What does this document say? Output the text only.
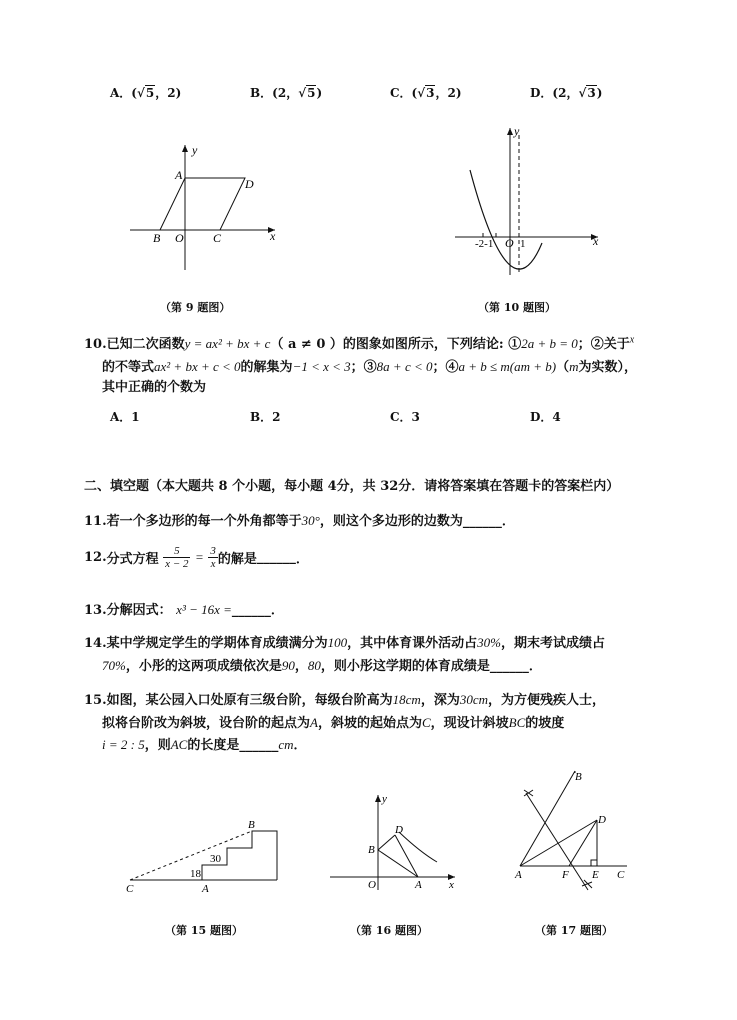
A．(√5，2)	B．(2，√5)	C．(√3，2)	D．(2，√3)
y
x
A
D
B O C
y
x
-2-1 O 1
（第 9 题图）	（第 10 题图）
10.已知二次函数y = ax² + bx + c（ a ≠ 0 ）的图象如图所示，下列结论: ①2a + b = 0；②关于$^x$
的不等式ax² + bx + c < 0的解集为−1 < x < 3；③8a + c < 0；④a + b ≤ m(am + b)（m为实数），
其中正确的个数为
A．1	B．2	C．3	D．4
二、填空题（本大题共 8 个小题，每小题 4分，共 32分．请将答案填在答题卡的答案栏内）
11.若一个多边形的每一个外角都等于30°，则这个多边形的边数为______．
12.分式方程 $\frac{5}{x - 2} = \frac{3}{x}$ 的解是______．
13.分解因式： x³ − 16x =______．
14.某中学规定学生的学期体育成绩满分为100，其中体育课外活动占30%，期末考试成绩占
70%，小彤的这两项成绩依次是90，80，则小彤这学期的体育成绩是______．
15.如图，某公园入口处原有三级台阶，每级台阶高为18cm，深为30cm，为方便残疾人士，
拟将台阶改为斜坡，设台阶的起点为A，斜坡的起始点为C，现设计斜坡BC的坡度
i = 2 : 5，则AC的长度是______cm．
B
C	A
30
18
y
x
D
B
O	A
B
D
A	F E C
（第 15 题图）	（第 16 题图）	（第 17 题图）
